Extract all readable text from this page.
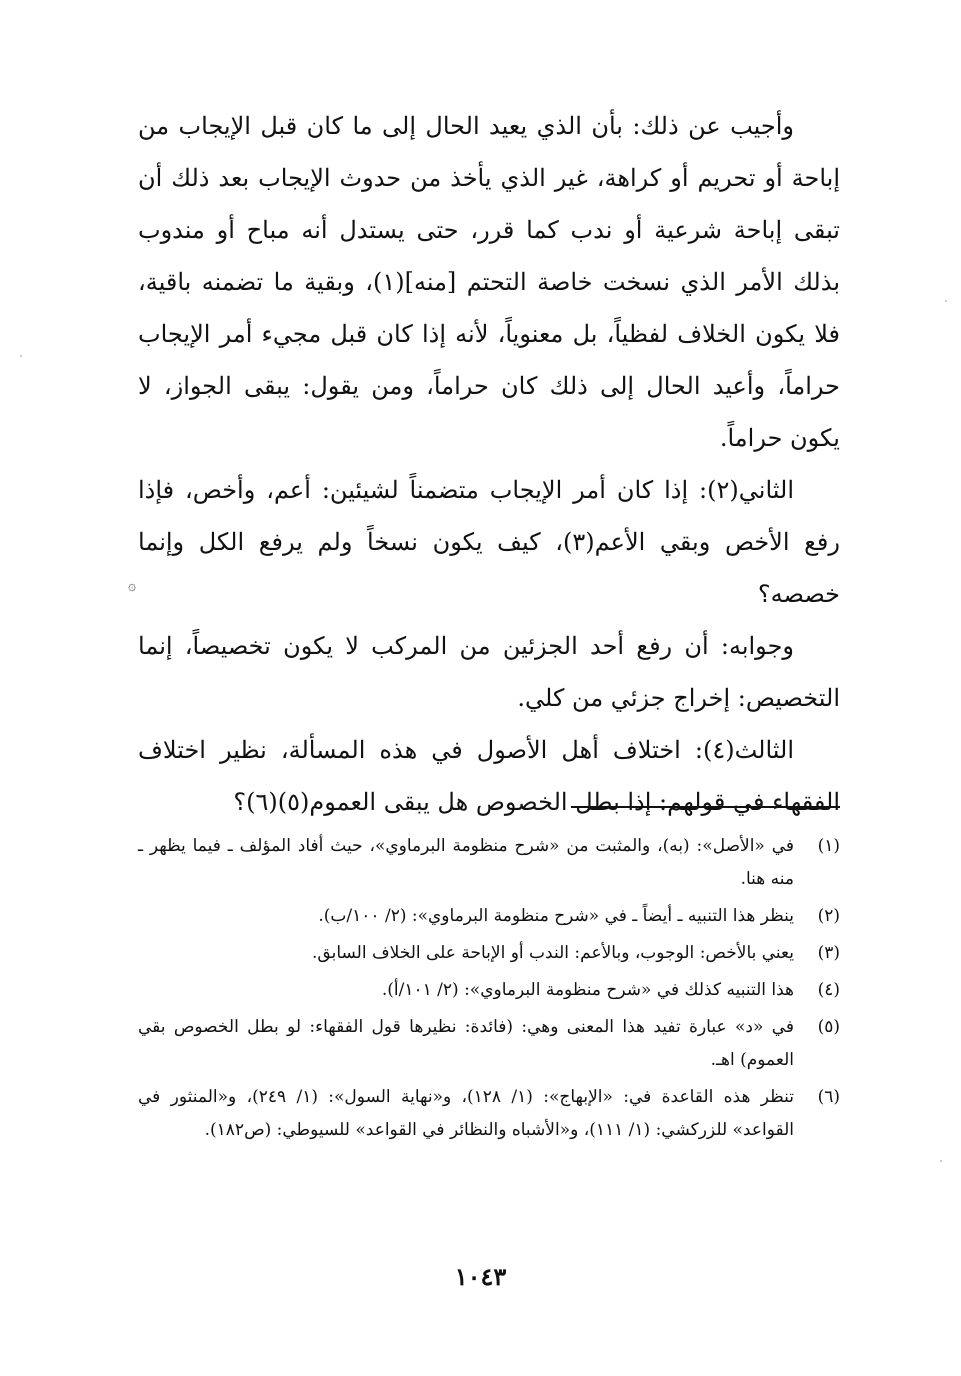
وأجيب عن ذلك: بأن الذي يعيد الحال إلى ما كان قبل الإيجاب من إباحة أو تحريم أو كراهة، غير الذي يأخذ من حدوث الإيجاب بعد ذلك أن تبقى إباحة شرعية أو ندب كما قرر، حتى يستدل أنه مباح أو مندوب بذلك الأمر الذي نسخت خاصة التحتم [منه](١)، وبقية ما تضمنه باقية، فلا يكون الخلاف لفظياً، بل معنوياً، لأنه إذا كان قبل مجيء أمر الإيجاب حراماً، وأعيد الحال إلى ذلك كان حراماً، ومن يقول: يبقى الجواز، لا يكون حراماً.

الثاني(٢): إذا كان أمر الإيجاب متضمناً لشيئين: أعم، وأخص، فإذا رفع الأخص وبقي الأعم(٣)، كيف يكون نسخاً ولم يرفع الكل وإنما خصصه؟

وجوابه: أن رفع أحد الجزئين من المركب لا يكون تخصيصاً، إنما التخصيص: إخراج جزئي من كلي.

الثالث(٤): اختلاف أهل الأصول في هذه المسألة، نظير اختلاف الفقهاء في قولهم: إذا بطل الخصوص هل يبقى العموم(٥)(٦)؟

۞
(١)
في «الأصل»: (به)، والمثبت من «شرح منظومة البرماوي»، حيث أفاد المؤلف ـ فيما يظهر ـ منه هنا.
(٢)
ينظر هذا التنبيه ـ أيضاً ـ في «شرح منظومة البرماوي»: (٢/ ١٠٠/ب).
(٣)
يعني بالأخص: الوجوب، وبالأعم: الندب أو الإباحة على الخلاف السابق.
(٤)
هذا التنبيه كذلك في «شرح منظومة البرماوي»: (٢/ ١٠١/أ).
(٥)
في «د» عبارة تفيد هذا المعنى وهي: (فائدة: نظيرها قول الفقهاء: لو بطل الخصوص بقي العموم) اهـ.
(٦)
تنظر هذه القاعدة في: «الإبهاج»: (١/ ١٢٨)، و«نهاية السول»: (١/ ٢٤٩)، و«المنثور في القواعد» للزركشي: (١/ ١١١)، و«الأشباه والنظائر في القواعد» للسيوطي: (ص١٨٢).
١٠٤٣
